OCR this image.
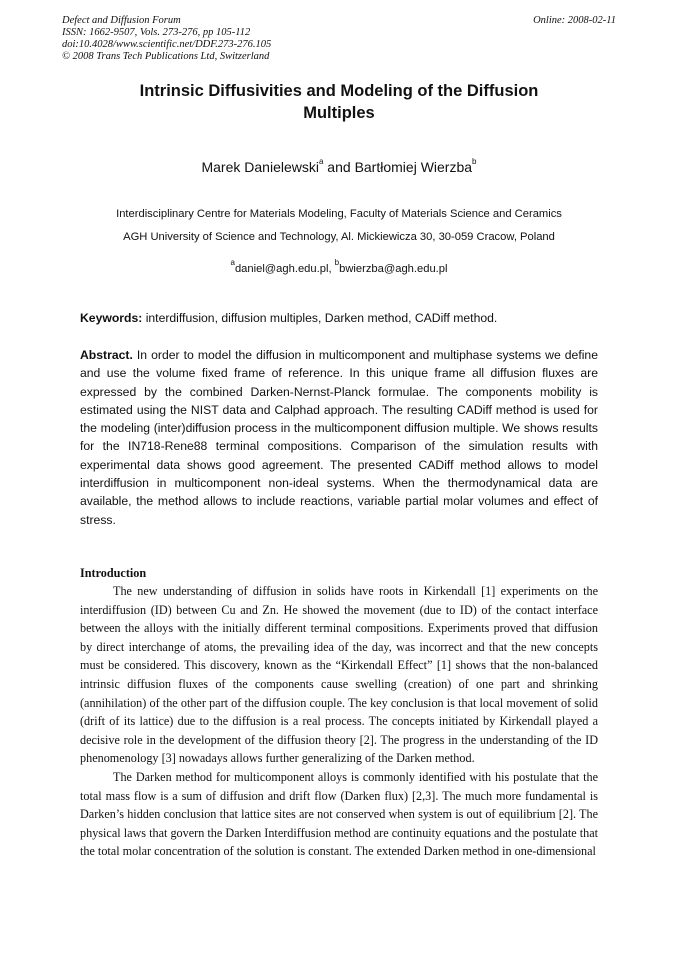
Defect and Diffusion Forum
ISSN: 1662-9507, Vols. 273-276, pp 105-112
doi:10.4028/www.scientific.net/DDF.273-276.105
© 2008 Trans Tech Publications Ltd, Switzerland
Online: 2008-02-11
Intrinsic Diffusivities and Modeling of the Diffusion
Multiples
Marek Danielewski$^a$ and Bartłomiej Wierzba$^b$
Interdisciplinary Centre for Materials Modeling, Faculty of Materials Science and Ceramics
AGH University of Science and Technology, Al. Mickiewicza 30, 30-059 Cracow, Poland
$^a$daniel@agh.edu.pl, $^b$bwierzba@agh.edu.pl
Keywords: interdiffusion, diffusion multiples, Darken method, CADiff method.
Abstract. In order to model the diffusion in multicomponent and multiphase systems we define and use the volume fixed frame of reference. In this unique frame all diffusion fluxes are expressed by the combined Darken-Nernst-Planck formulae. The components mobility is estimated using the NIST data and Calphad approach. The resulting CADiff method is used for the modeling (inter)diffusion process in the multicomponent diffusion multiple. We shows results for the IN718-Rene88 terminal compositions. Comparison of the simulation results with experimental data shows good agreement. The presented CADiff method allows to model interdiffusion in multicomponent non-ideal systems. When the thermodynamical data are available, the method allows to include reactions, variable partial molar volumes and effect of stress.
Introduction

The new understanding of diffusion in solids have roots in Kirkendall [1] experiments on the interdiffusion (ID) between Cu and Zn. He showed the movement (due to ID) of the contact interface between the alloys with the initially different terminal compositions. Experiments proved that diffusion by direct interchange of atoms, the prevailing idea of the day, was incorrect and that the new concepts must be considered. This discovery, known as the “Kirkendall Effect” [1] shows that the non-balanced intrinsic diffusion fluxes of the components cause swelling (creation) of one part and shrinking (annihilation) of the other part of the diffusion couple. The key conclusion is that local movement of solid (drift of its lattice) due to the diffusion is a real process. The concepts initiated by Kirkendall played a decisive role in the development of the diffusion theory [2]. The progress in the understanding of the ID phenomenology [3] nowadays allows further generalizing of the Darken method.

The Darken method for multicomponent alloys is commonly identified with his postulate that the total mass flow is a sum of diffusion and drift flow (Darken flux) [2,3]. The much more fundamental is Darken’s hidden conclusion that lattice sites are not conserved when system is out of equilibrium [2]. The physical laws that govern the Darken Interdiffusion method are continuity equations and the postulate that the total molar concentration of the solution is constant. The extended Darken method in one-dimensional
